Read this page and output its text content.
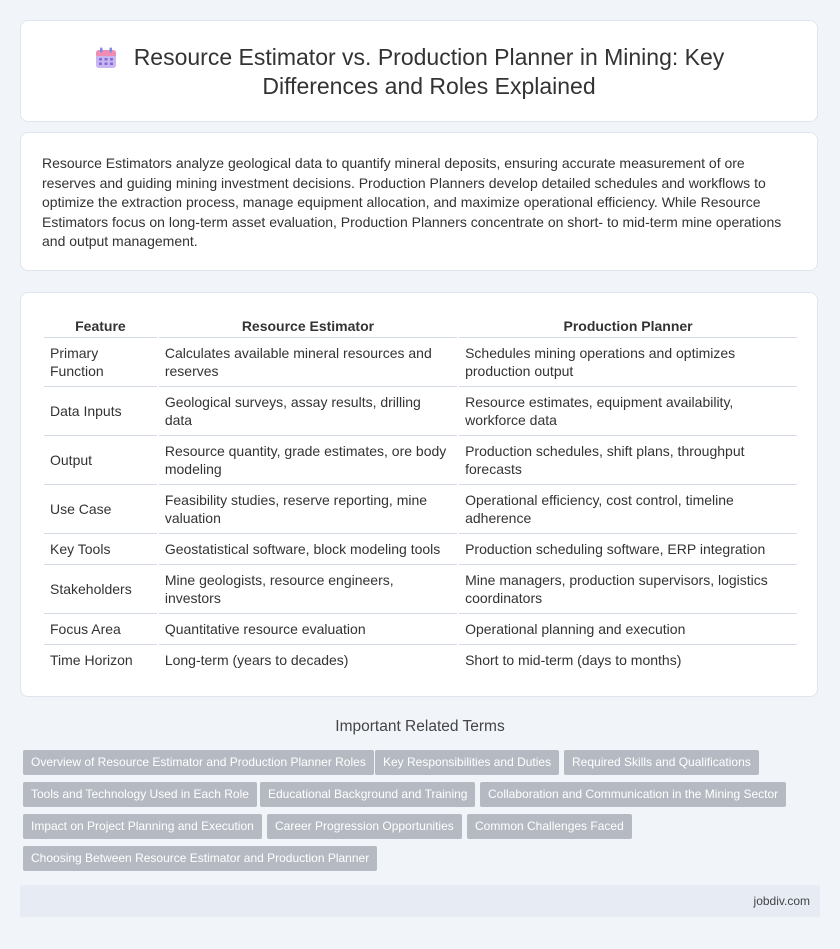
Resource Estimator vs. Production Planner in Mining: Key Differences and Roles Explained

Resource Estimators analyze geological data to quantify mineral deposits, ensuring accurate measurement of ore reserves and guiding mining investment decisions. Production Planners develop detailed schedules and workflows to optimize the extraction process, manage equipment allocation, and maximize operational efficiency. While Resource Estimators focus on long-term asset evaluation, Production Planners concentrate on short- to mid-term mine operations and output management.

Feature	Resource Estimator	Production Planner
Primary Function	Calculates available mineral resources and reserves	Schedules mining operations and optimizes production output
Data Inputs	Geological surveys, assay results, drilling data	Resource estimates, equipment availability, workforce data
Output	Resource quantity, grade estimates, ore body modeling	Production schedules, shift plans, throughput forecasts
Use Case	Feasibility studies, reserve reporting, mine valuation	Operational efficiency, cost control, timeline adherence
Key Tools	Geostatistical software, block modeling tools	Production scheduling software, ERP integration
Stakeholders	Mine geologists, resource engineers, investors	Mine managers, production supervisors, logistics coordinators
Focus Area	Quantitative resource evaluation	Operational planning and execution
Time Horizon	Long-term (years to decades)	Short to mid-term (days to months)
Important Related Terms
Overview of Resource Estimator and Production Planner Roles	Key Responsibilities and Duties	Required Skills and Qualifications
Tools and Technology Used in Each Role	Educational Background and Training	Collaboration and Communication in the Mining Sector
Impact on Project Planning and Execution	Career Progression Opportunities	Common Challenges Faced
Choosing Between Resource Estimator and Production Planner
jobdiv.com
